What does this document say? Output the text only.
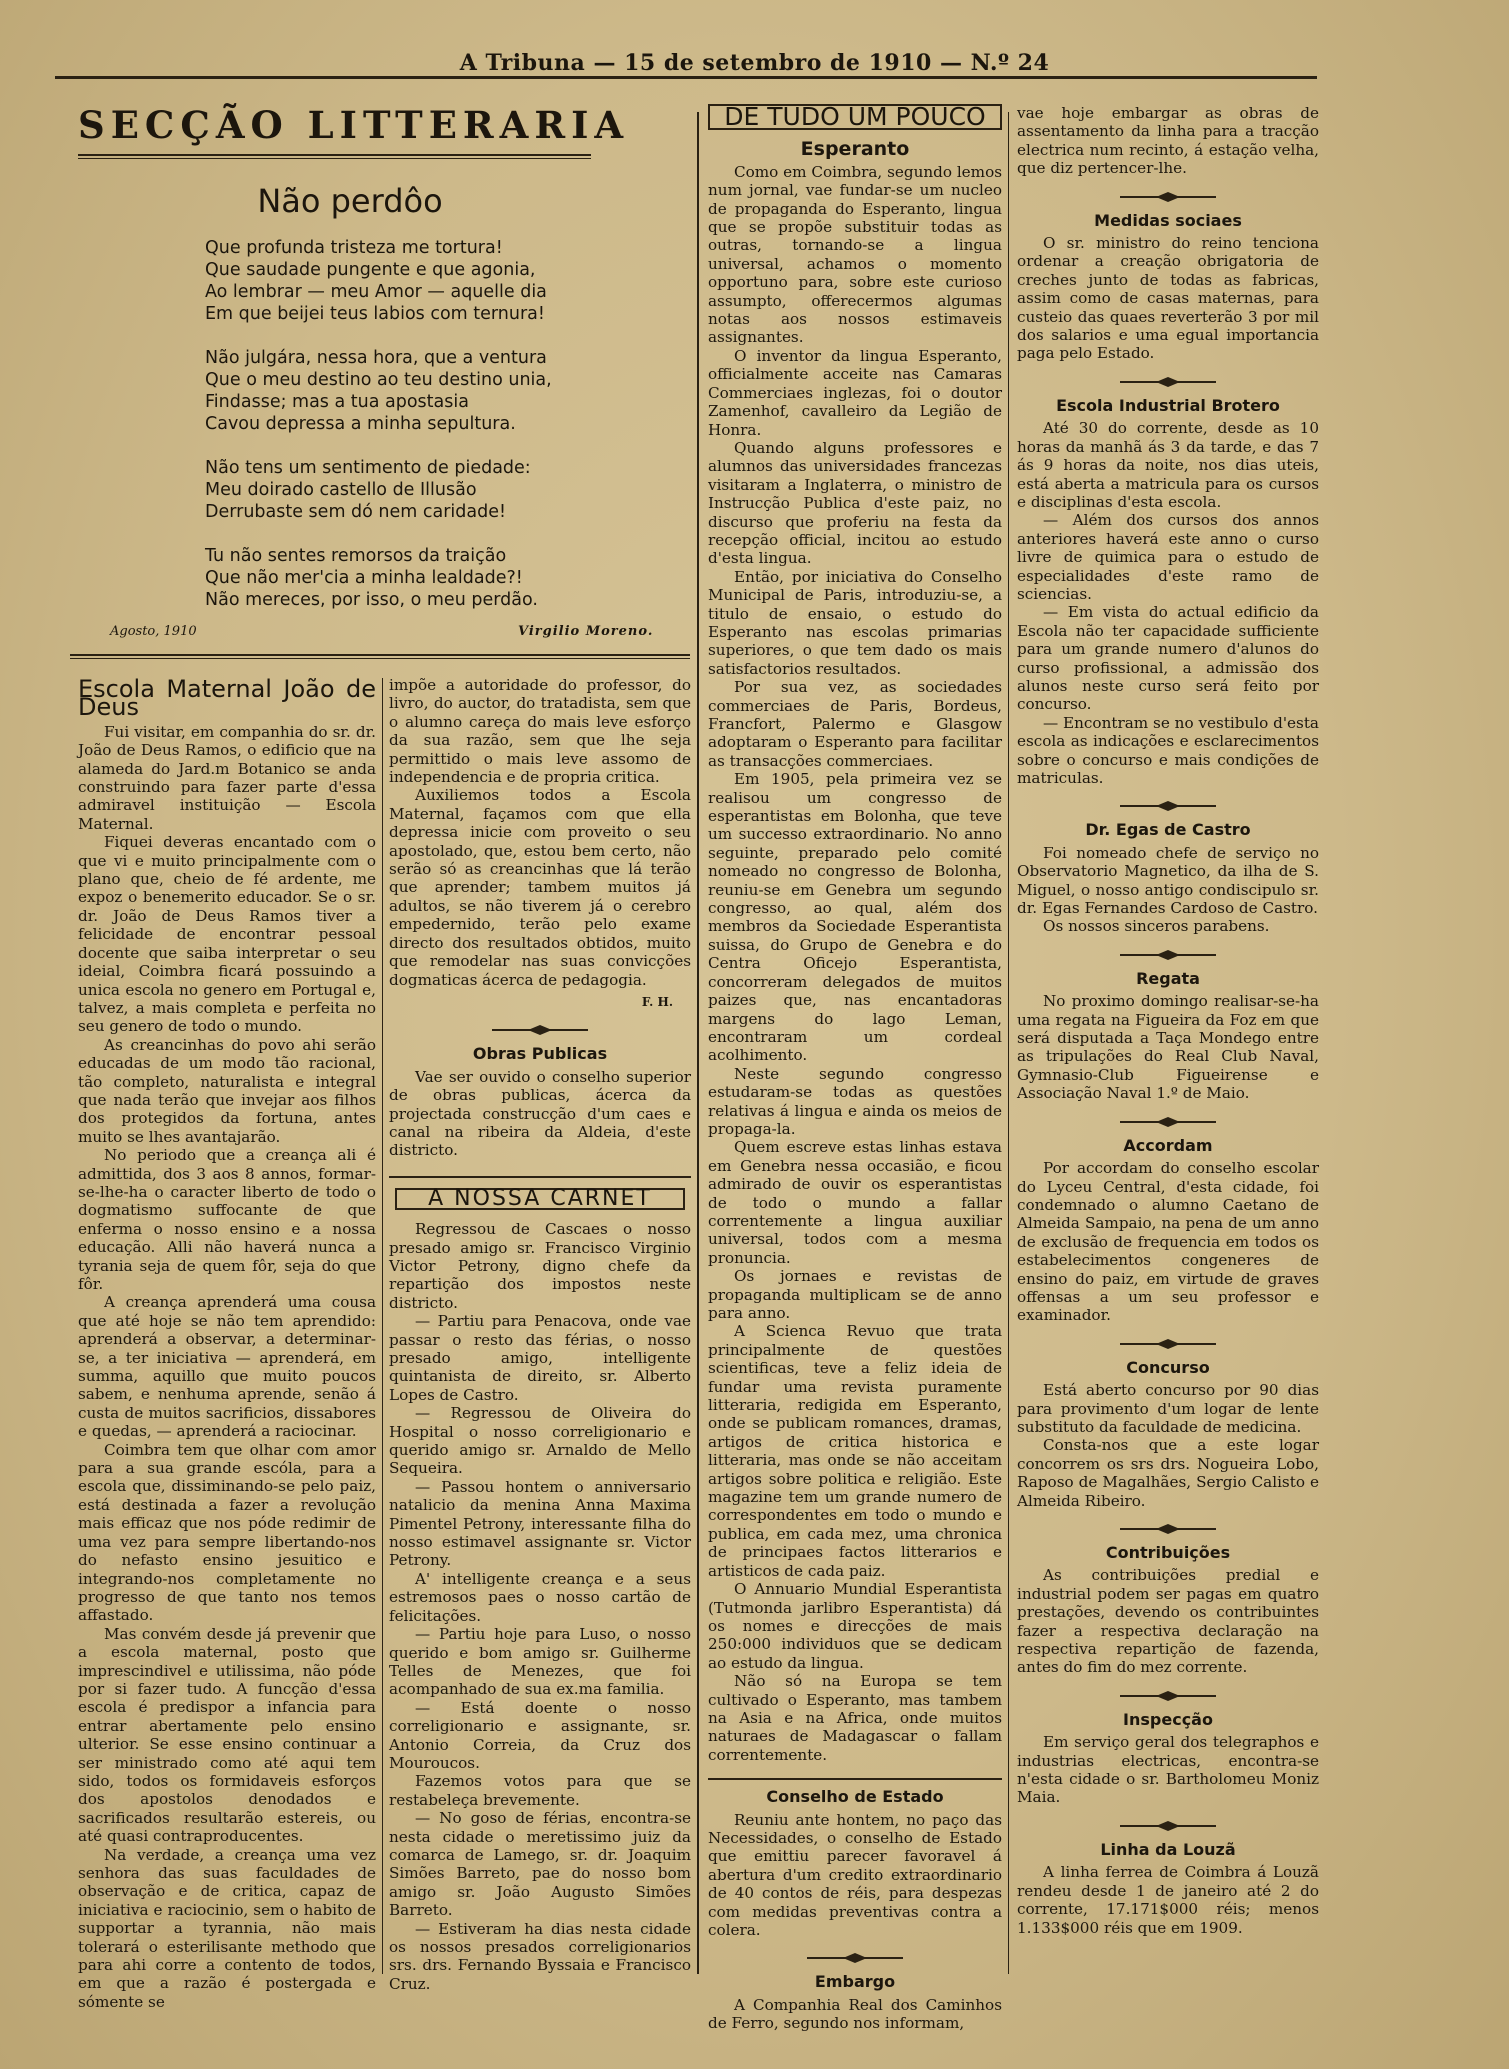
A Tribuna — 15 de setembro de 1910 — N.º 24
SECÇÃO LITTERARIA
Não perdôo
Que profunda tristeza me tortura!
Que saudade pungente e que agonia,
Ao lembrar — meu Amor — aquelle dia
Em que beijei teus labios com ternura!
Não julgára, nessa hora, que a ventura
Que o meu destino ao teu destino unia,
Findasse; mas a tua apostasia
Cavou depressa a minha sepultura.
Não tens um sentimento de piedade:
Meu doirado castello de Illusão
Derrubaste sem dó nem caridade!
Tu não sentes remorsos da traição
Que não mer'cia a minha lealdade?!
Não mereces, por isso, o meu perdão.
Agosto, 1910	Virgilio Moreno.
Escola Maternal João de Deus

Fui visitar, em companhia do sr. dr. João de Deus Ramos, o edificio que na alameda do Jard.m Botanico se anda construindo para fazer parte d'essa admiravel instituição — Escola Maternal.

Fiquei deveras encantado com o que vi e muito principalmente com o plano que, cheio de fé ardente, me expoz o benemerito educador. Se o sr. dr. João de Deus Ramos tiver a felicidade de encontrar pessoal docente que saiba interpretar o seu ideial, Coimbra ficará possuindo a unica escola no genero em Portugal e, talvez, a mais completa e perfeita no seu genero de todo o mundo.

As creancinhas do povo ahi serão educadas de um modo tão racional, tão completo, naturalista e integral que nada terão que invejar aos filhos dos protegidos da fortuna, antes muito se lhes avantajarão.

No periodo que a creança ali é admittida, dos 3 aos 8 annos, formar-se-lhe-ha o caracter liberto de todo o dogmatismo suffocante de que enferma o nosso ensino e a nossa educação. Alli não haverá nunca a tyrania seja de quem fôr, seja do que fôr.

A creança aprenderá uma cousa que até hoje se não tem aprendido: aprenderá a observar, a determinar-se, a ter iniciativa — aprenderá, em summa, aquillo que muito poucos sabem, e nenhuma aprende, senão á custa de muitos sacrificios, dissabores e quedas, — aprenderá a raciocinar.

Coimbra tem que olhar com amor para a sua grande escóla, para a escola que, dissiminando-se pelo paiz, está destinada a fazer a revolução mais efficaz que nos póde redimir de uma vez para sempre libertando-nos do nefasto ensino jesuitico e integrando-nos completamente no progresso de que tanto nos temos affastado.

Mas convém desde já prevenir que a escola maternal, posto que imprescindivel e utilissima, não póde por si fazer tudo. A funcção d'essa escola é predispor a infancia para entrar abertamente pelo ensino ulterior. Se esse ensino continuar a ser ministrado como até aqui tem sido, todos os formidaveis esforços dos apostolos denodados e sacrificados resultarão estereis, ou até quasi contraproducentes.

Na verdade, a creança uma vez senhora das suas faculdades de observação e de critica, capaz de iniciativa e raciocinio, sem o habito de supportar a tyrannia, não mais tolerará o esterilisante methodo que para ahi corre a contento de todos, em que a razão é postergada e sómente se

impõe a autoridade do professor, do livro, do auctor, do tratadista, sem que o alumno careça do mais leve esforço da sua razão, sem que lhe seja permittido o mais leve assomo de independencia e de propria critica.

Auxiliemos todos a Escola Maternal, façamos com que ella depressa inicie com proveito o seu apostolado, que, estou bem certo, não serão só as creancinhas que lá terão que aprender; tambem muitos já adultos, se não tiverem já o cerebro empedernido, terão pelo exame directo dos resultados obtidos, muito que remodelar nas suas convicções dogmaticas ácerca de pedagogia.

F. H.
Obras Publicas

Vae ser ouvido o conselho superior de obras publicas, ácerca da projectada construcção d'um caes e canal na ribeira da Aldeia, d'este districto.

A NOSSA CARNET

Regressou de Cascaes o nosso presado amigo sr. Francisco Virginio Victor Petrony, digno chefe da repartição dos impostos neste districto.

— Partiu para Penacova, onde vae passar o resto das férias, o nosso presado amigo, intelligente quintanista de direito, sr. Alberto Lopes de Castro.

— Regressou de Oliveira do Hospital o nosso correligionario e querido amigo sr. Arnaldo de Mello Sequeira.

— Passou hontem o anniversario natalicio da menina Anna Maxima Pimentel Petrony, interessante filha do nosso estimavel assignante sr. Victor Petrony.

A' intelligente creança e a seus estremosos paes o nosso cartão de felicitações.

— Partiu hoje para Luso, o nosso querido e bom amigo sr. Guilherme Telles de Menezes, que foi acompanhado de sua ex.ma familia.

— Está doente o nosso correligionario e assignante, sr. Antonio Correia, da Cruz dos Mouroucos.

Fazemos votos para que se restabeleça brevemente.

— No goso de férias, encontra-se nesta cidade o meretissimo juiz da comarca de Lamego, sr. dr. Joaquim Simões Barreto, pae do nosso bom amigo sr. João Augusto Simões Barreto.

— Estiveram ha dias nesta cidade os nossos presados correligionarios srs. drs. Fernando Byssaia e Francisco Cruz.

DE TUDO UM POUCO
Esperanto

Como em Coimbra, segundo lemos num jornal, vae fundar-se um nucleo de propaganda do Esperanto, lingua que se propõe substituir todas as outras, tornando-se a lingua universal, achamos o momento opportuno para, sobre este curioso assumpto, offerecermos algumas notas aos nossos estimaveis assignantes.

O inventor da lingua Esperanto, officialmente acceite nas Camaras Commerciaes inglezas, foi o doutor Zamenhof, cavalleiro da Legião de Honra.

Quando alguns professores e alumnos das universidades francezas visitaram a Inglaterra, o ministro de Instrucção Publica d'este paiz, no discurso que proferiu na festa da recepção official, incitou ao estudo d'esta lingua.

Então, por iniciativa do Conselho Municipal de Paris, introduziu-se, a titulo de ensaio, o estudo do Esperanto nas escolas primarias superiores, o que tem dado os mais satisfactorios resultados.

Por sua vez, as sociedades commerciaes de Paris, Bordeus, Francfort, Palermo e Glasgow adoptaram o Esperanto para facilitar as transacções commerciaes.

Em 1905, pela primeira vez se realisou um congresso de esperantistas em Bolonha, que teve um successo extraordinario. No anno seguinte, preparado pelo comité nomeado no congresso de Bolonha, reuniu-se em Genebra um segundo congresso, ao qual, além dos membros da Sociedade Esperantista suissa, do Grupo de Genebra e do Centra Oficejo Esperantista, concorreram delegados de muitos paizes que, nas encantadoras margens do lago Leman, encontraram um cordeal acolhimento.

Neste segundo congresso estudaram-se todas as questões relativas á lingua e ainda os meios de propaga-la.

Quem escreve estas linhas estava em Genebra nessa occasião, e ficou admirado de ouvir os esperantistas de todo o mundo a fallar correntemente a lingua auxiliar universal, todos com a mesma pronuncia.

Os jornaes e revistas de propaganda multiplicam se de anno para anno.

A Scienca Revuo que trata principalmente de questões scientificas, teve a feliz ideia de fundar uma revista puramente litteraria, redigida em Esperanto, onde se publicam romances, dramas, artigos de critica historica e litteraria, mas onde se não acceitam artigos sobre politica e religião. Este magazine tem um grande numero de correspondentes em todo o mundo e publica, em cada mez, uma chronica de principaes factos litterarios e artisticos de cada paiz.

O Annuario Mundial Esperantista (Tutmonda jarlibro Esperantista) dá os nomes e direcções de mais 250:000 individuos que se dedicam ao estudo da lingua.

Não só na Europa se tem cultivado o Esperanto, mas tambem na Asia e na Africa, onde muitos naturaes de Madagascar o fallam correntemente.

Conselho de Estado

Reuniu ante hontem, no paço das Necessidades, o conselho de Estado que emittiu parecer favoravel á abertura d'um credito extraordinario de 40 contos de réis, para despezas com medidas preventivas contra a colera.

Embargo

A Companhia Real dos Caminhos de Ferro, segundo nos informam,

vae hoje embargar as obras de assentamento da linha para a tracção electrica num recinto, á estação velha, que diz pertencer-lhe.

Medidas sociaes

O sr. ministro do reino tenciona ordenar a creação obrigatoria de creches junto de todas as fabricas, assim como de casas maternas, para custeio das quaes reverterão 3 por mil dos salarios e uma egual importancia paga pelo Estado.

Escola Industrial Brotero

Até 30 do corrente, desde as 10 horas da manhã ás 3 da tarde, e das 7 ás 9 horas da noite, nos dias uteis, está aberta a matricula para os cursos e disciplinas d'esta escola.

— Além dos cursos dos annos anteriores haverá este anno o curso livre de quimica para o estudo de especialidades d'este ramo de sciencias.

— Em vista do actual edificio da Escola não ter capacidade sufficiente para um grande numero d'alunos do curso profissional, a admissão dos alunos neste curso será feito por concurso.

— Encontram se no vestibulo d'esta escola as indicações e esclarecimentos sobre o concurso e mais condições de matriculas.

Dr. Egas de Castro

Foi nomeado chefe de serviço no Observatorio Magnetico, da ilha de S. Miguel, o nosso antigo condiscipulo sr. dr. Egas Fernandes Cardoso de Castro.

Os nossos sinceros parabens.

Regata

No proximo domingo realisar-se-ha uma regata na Figueira da Foz em que será disputada a Taça Mondego entre as tripulações do Real Club Naval, Gymnasio-Club Figueirense e Associação Naval 1.º de Maio.

Accordam

Por accordam do conselho escolar do Lyceu Central, d'esta cidade, foi condemnado o alumno Caetano de Almeida Sampaio, na pena de um anno de exclusão de frequencia em todos os estabelecimentos congeneres de ensino do paiz, em virtude de graves offensas a um seu professor e examinador.

Concurso

Está aberto concurso por 90 dias para provimento d'um logar de lente substituto da faculdade de medicina.

Consta-nos que a este logar concorrem os srs drs. Nogueira Lobo, Raposo de Magalhães, Sergio Calisto e Almeida Ribeiro.

Contribuições

As contribuições predial e industrial podem ser pagas em quatro prestações, devendo os contribuintes fazer a respectiva declaração na respectiva repartição de fazenda, antes do fim do mez corrente.

Inspecção

Em serviço geral dos telegraphos e industrias electricas, encontra-se n'esta cidade o sr. Bartholomeu Moniz Maia.

Linha da Louzã

A linha ferrea de Coimbra á Louzã rendeu desde 1 de janeiro até 2 do corrente, 17.171$000 réis; menos 1.133$000 réis que em 1909.
